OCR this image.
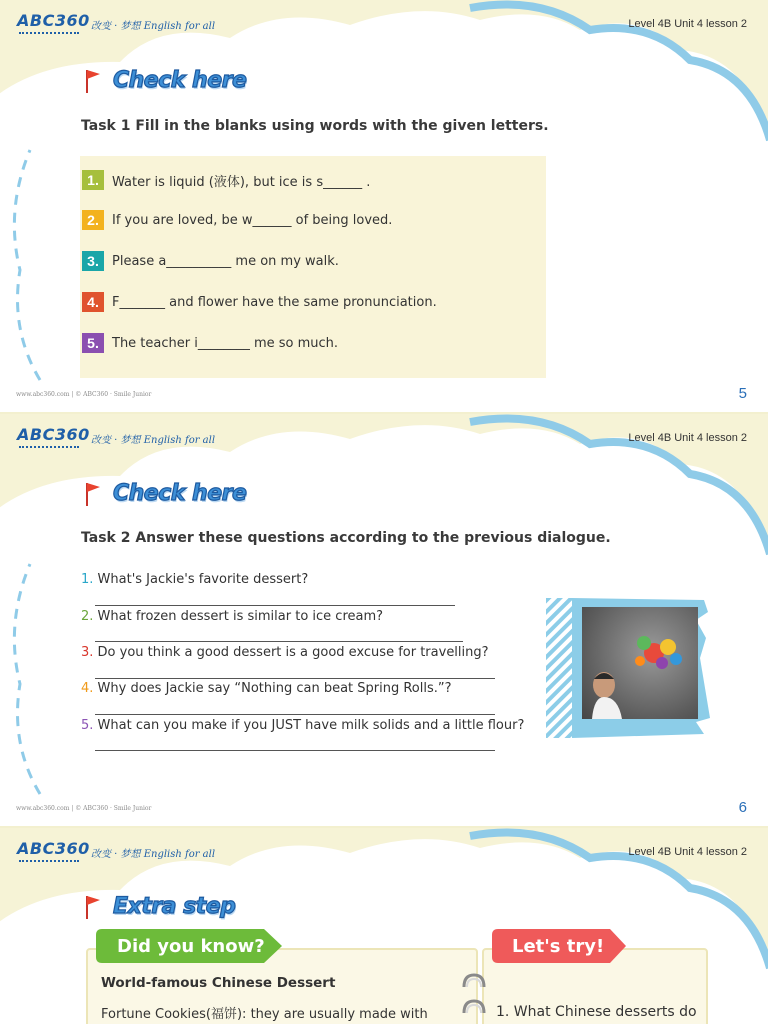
ABC360 改变 · 梦想 English for all	Level 4B Unit 4 lesson 2
Check here
Task 1 Fill in the blanks using words with the given letters.
1.	Water is liquid (液体), but ice is s______ .
2.	If you are loved, be w______ of being loved.
3.	Please a__________ me on my walk.
4.	F_______ and flower have the same pronunciation.
5.	The teacher i________ me so much.
www.abc360.com | © ABC360 · Smile Junior	5
ABC360 改变 · 梦想 English for all	Level 4B Unit 4 lesson 2
Check here
Task 2 Answer these questions according to the previous dialogue.
1. What's Jackie's favorite dessert?
2. What frozen dessert is similar to ice cream?
3. Do you think a good dessert is a good excuse for travelling?
4. Why does Jackie say “Nothing can beat Spring Rolls.”?
5. What can you make if you JUST have milk solids and a little flour?
www.abc360.com | © ABC360 · Smile Junior	6
ABC360 改变 · 梦想 English for all	Level 4B Unit 4 lesson 2
Extra step
Did you know?	Let's try!
World-famous Chinese Dessert
Fortune Cookies(福饼): they are usually made with	1. What Chinese desserts do
